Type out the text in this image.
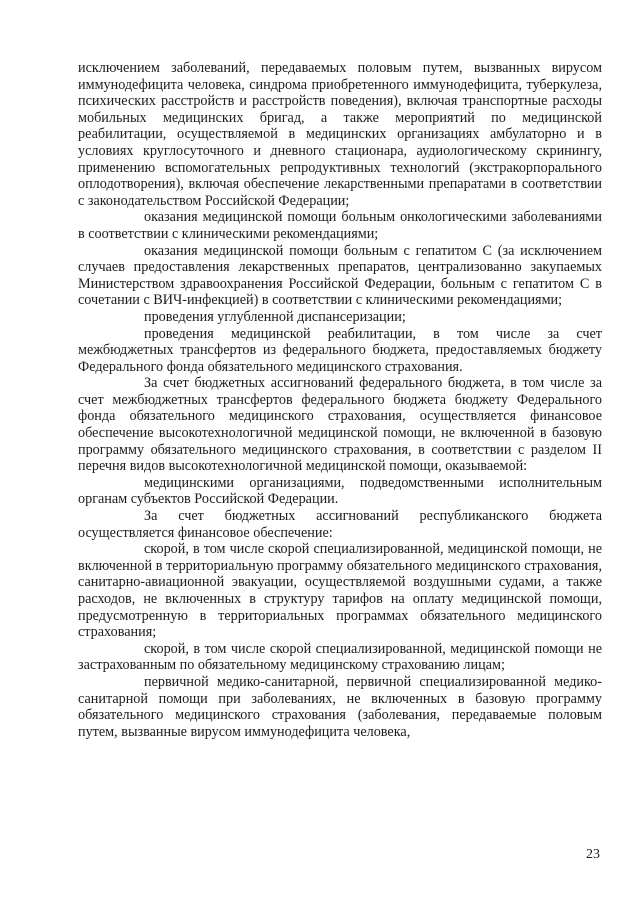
исключением заболеваний, передаваемых половым путем, вызванных вирусом иммунодефицита человека, синдрома приобретенного иммунодефицита, туберкулеза, психических расстройств и расстройств поведения), включая транспортные расходы мобильных медицинских бригад, а также мероприятий по медицинской реабилитации, осуществляемой в медицинских организациях амбулаторно и в условиях круглосуточного и дневного стационара, аудиологическому скринингу, применению вспомогательных репродуктивных технологий (экстракорпорального оплодотворения), включая обеспечение лекарственными препаратами в соответствии с законодательством Российской Федерации;

оказания медицинской помощи больным онкологическими заболеваниями в соответствии с клиническими рекомендациями;

оказания медицинской помощи больным с гепатитом С (за исключением случаев предоставления лекарственных препаратов, централизованно закупаемых Министерством здравоохранения Российской Федерации, больным с гепатитом С в сочетании с ВИЧ-инфекцией) в соответствии с клиническими рекомендациями;

проведения углубленной диспансеризации;

проведения медицинской реабилитации, в том числе за счет межбюджетных трансфертов из федерального бюджета, предоставляемых бюджету Федерального фонда обязательного медицинского страхования.

За счет бюджетных ассигнований федерального бюджета, в том числе за счет межбюджетных трансфертов федерального бюджета бюджету Федерального фонда обязательного медицинского страхования, осуществляется финансовое обеспечение высокотехнологичной медицинской помощи, не включенной в базовую программу обязательного медицинского страхования, в соответствии с разделом II перечня видов высокотехнологичной медицинской помощи, оказываемой:

медицинскими организациями, подведомственными исполнительным органам субъектов Российской Федерации.

За счет бюджетных ассигнований республиканского бюджета осуществляется финансовое обеспечение:

скорой, в том числе скорой специализированной, медицинской помощи, не включенной в территориальную программу обязательного медицинского страхования, санитарно-авиационной эвакуации, осуществляемой воздушными судами, а также расходов, не включенных в структуру тарифов на оплату медицинской помощи, предусмотренную в территориальных программах обязательного медицинского страхования;

скорой, в том числе скорой специализированной, медицинской помощи не застрахованным по обязательному медицинскому страхованию лицам;

первичной медико-санитарной, первичной специализированной медико-санитарной помощи при заболеваниях, не включенных в базовую программу обязательного медицинского страхования (заболевания, передаваемые половым путем, вызванные вирусом иммунодефицита человека,

23
